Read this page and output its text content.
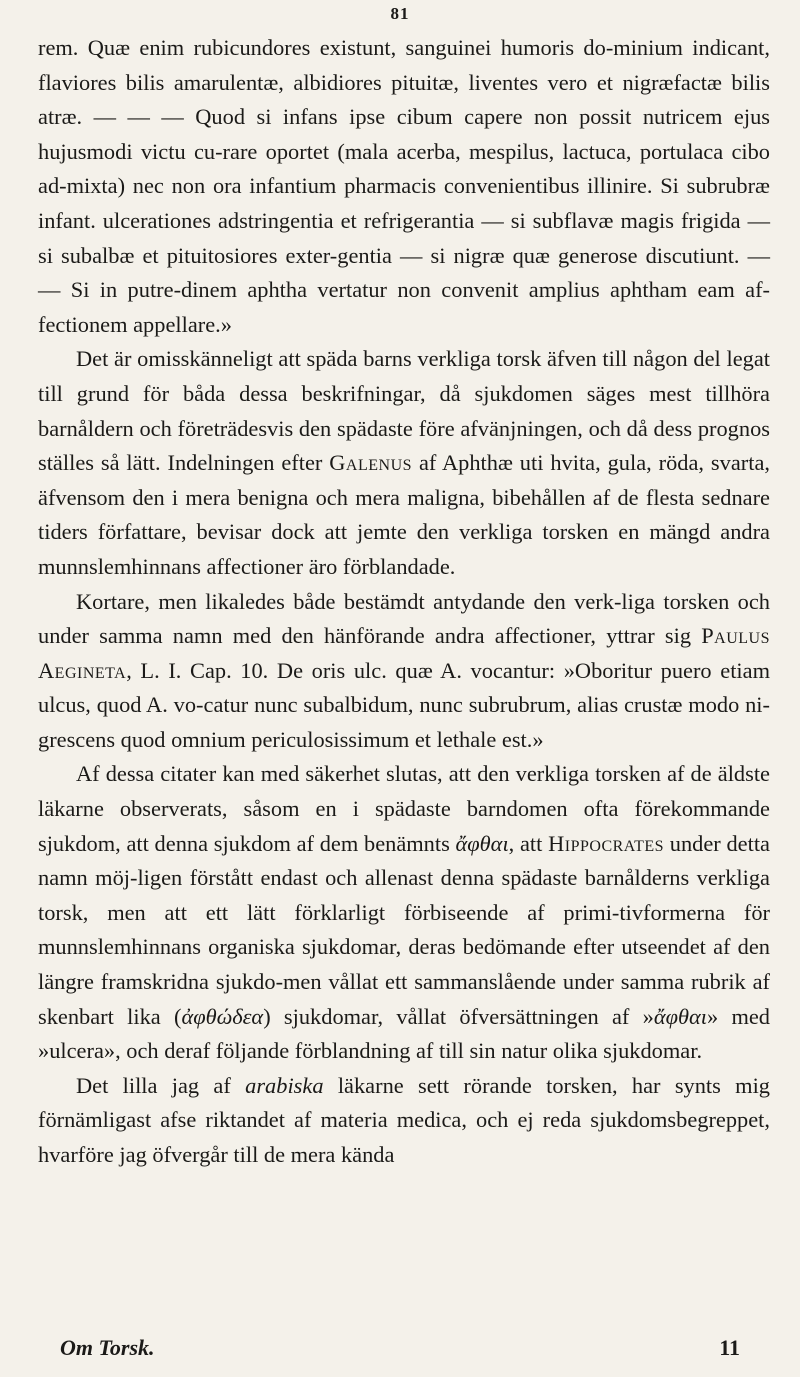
81

rem. Quæ enim rubicundores existunt, sanguinei humoris do-minium indicant, flaviores bilis amarulentæ, albidiores pituitæ, liventes vero et nigræfactæ bilis atræ. — — — Quod si infans ipse cibum capere non possit nutricem ejus hujusmodi victu cu-rare oportet (mala acerba, mespilus, lactuca, portulaca cibo ad-mixta) nec non ora infantium pharmacis convenientibus illinire. Si subrubræ infant. ulcerationes adstringentia et refrigerantia — si subflavæ magis frigida — si subalbæ et pituitosiores exter-gentia — si nigræ quæ generose discutiunt. — — Si in putre-dinem aphtha vertatur non convenit amplius aphtham eam af-fectionem appellare.»

Det är omisskänneligt att späda barns verkliga torsk äfven till någon del legat till grund för båda dessa beskrifningar, då sjukdomen säges mest tillhöra barnåldern och företrädesvis den spädaste före afvänjningen, och då dess prognos ställes så lätt. Indelningen efter Galenus af Aphthæ uti hvita, gula, röda, svarta, äfvensom den i mera benigna och mera maligna, bibehållen af de flesta sednare tiders författare, bevisar dock att jemte den verkliga torsken en mängd andra munnslemhinnans affectioner äro förblandade.

Kortare, men likaledes både bestämdt antydande den verk-liga torsken och under samma namn med den hänförande andra affectioner, yttrar sig Paulus Aegineta, L. I. Cap. 10. De oris ulc. quæ A. vocantur: »Oboritur puero etiam ulcus, quod A. vo-catur nunc subalbidum, nunc subrubrum, alias crustæ modo ni-grescens quod omnium periculosissimum et lethale est.»

Af dessa citater kan med säkerhet slutas, att den verkliga torsken af de äldste läkarne observerats, såsom en i spädaste barndomen ofta förekommande sjukdom, att denna sjukdom af dem benämnts ἄφθαι, att Hippocrates under detta namn möj-ligen förstått endast och allenast denna spädaste barnålderns verkliga torsk, men att ett lätt förklarligt förbiseende af primi-tivformerna för munnslemhinnans organiska sjukdomar, deras bedömande efter utseendet af den längre framskridna sjukdo-men vållat ett sammanslående under samma rubrik af skenbart lika (ἀφθώδεα) sjukdomar, vållat öfversättningen af »ἄφθαι» med »ulcera», och deraf följande förblandning af till sin natur olika sjukdomar.

Det lilla jag af arabiska läkarne sett rörande torsken, har synts mig förnämligast afse riktandet af materia medica, och ej reda sjukdomsbegreppet, hvarföre jag öfvergår till de mera kända

Om Torsk.	11
